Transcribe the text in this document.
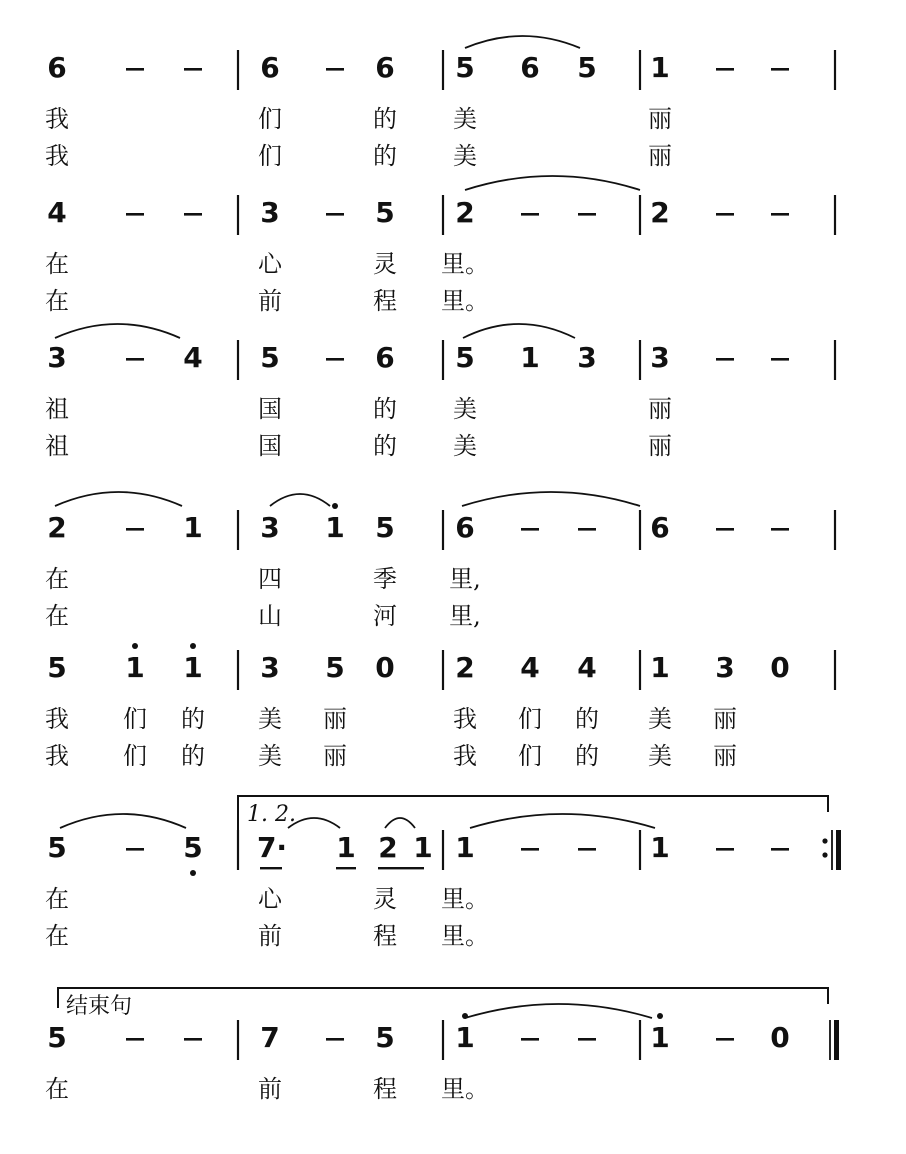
6 – – 6 – 6 5 6 5 1 – –
我	们	的 美	丽
我	们	的 美	丽
4 – – 3 – 5 2 – – 2 – –
在	心	灵 里。
在	前	程 里。
3 – 4 5 – 6 5 1 3 3 – –
祖	国	的 美	丽
祖	国	的 美	丽
2 – 1 3 1 5 6 – – 6 – –
在	四	季 里,
在	山	河 里,
5 1 1 3 5 0 2 4 4 1 3 0
我 们 的 美 丽	我 们 的 美 丽
我 们 的 美 丽	我 们 的 美 丽
5 – 5 7· 1 2 1 1 – – 1 – –
在	心	灵 里。
在	前	程 里。
5 – – 7 – 5 1 – – 1 – 0
在	前	程 里。
1. 2.
结束句
